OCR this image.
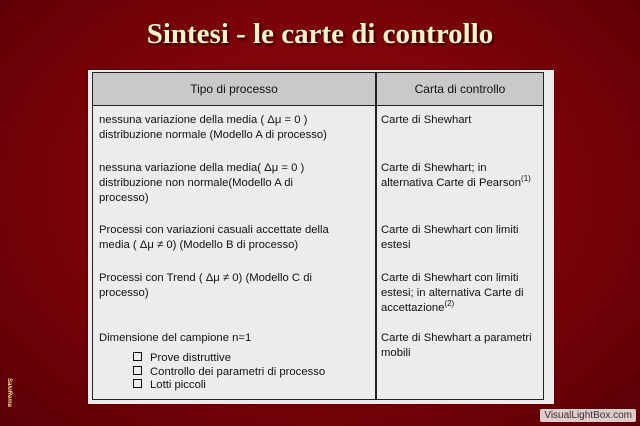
Sintesi - le carte di controllo
Tipo di processo	Carta di controllo
nessuna variazione della media ( Δμ = 0 )
distribuzione normale (Modello A di processo)
Carte di Shewhart
nessuna variazione della media( Δμ = 0 )
distribuzione non normale(Modello A di
processo)
Carte di Shewhart; in
alternativa Carte di Pearson$^{(1)}$
Processi con variazioni casuali accettate della
media ( Δμ ≠ 0) (Modello B di processo)
Carte di Shewhart con limiti
estesi
Processi con Trend ( Δμ ≠ 0) (Modello C di
processo)
Carte di Shewhart con limiti
estesi; in alternativa Carte di
accettazione$^{(2)}$
Dimensione del campione n=1
Prove distruttive
Controllo dei parametri di processo
Lotti piccoli
Carte di Shewhart a parametri
mobili
SaloRema
VisualLightBox.com
